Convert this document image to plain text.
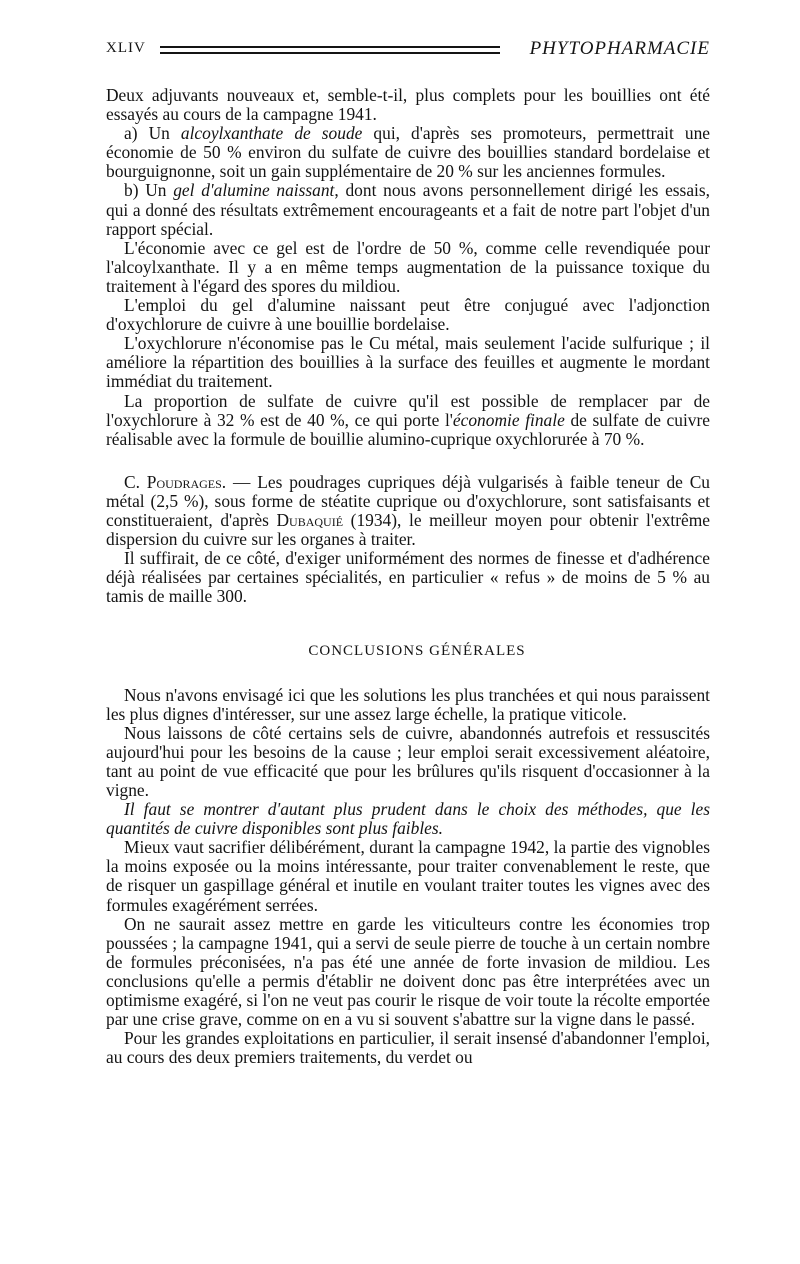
XLIV	PHYTOPHARMACIE

Deux adjuvants nouveaux et, semble-t-il, plus complets pour les bouillies ont été essayés au cours de la campagne 1941.

a) Un alcoylxanthate de soude qui, d'après ses promoteurs, permettrait une économie de 50 % environ du sulfate de cuivre des bouillies standard bordelaise et bourguignonne, soit un gain supplémentaire de 20 % sur les anciennes formules.

b) Un gel d'alumine naissant, dont nous avons personnellement dirigé les essais, qui a donné des résultats extrêmement encourageants et a fait de notre part l'objet d'un rapport spécial.

L'économie avec ce gel est de l'ordre de 50 %, comme celle revendiquée pour l'alcoylxanthate. Il y a en même temps augmentation de la puissance toxique du traitement à l'égard des spores du mildiou.

L'emploi du gel d'alumine naissant peut être conjugué avec l'adjonction d'oxychlorure de cuivre à une bouillie bordelaise.

L'oxychlorure n'économise pas le Cu métal, mais seulement l'acide sulfurique ; il améliore la répartition des bouillies à la surface des feuilles et augmente le mordant immédiat du traitement.

La proportion de sulfate de cuivre qu'il est possible de remplacer par de l'oxychlorure à 32 % est de 40 %, ce qui porte l'économie finale de sulfate de cuivre réalisable avec la formule de bouillie alumino-cuprique oxychlorurée à 70 %.

C. Poudrages. — Les poudrages cupriques déjà vulgarisés à faible teneur de Cu métal (2,5 %), sous forme de stéatite cuprique ou d'oxychlorure, sont satisfaisants et constitueraient, d'après Dubaquié (1934), le meilleur moyen pour obtenir l'extrême dispersion du cuivre sur les organes à traiter.

Il suffirait, de ce côté, d'exiger uniformément des normes de finesse et d'adhérence déjà réalisées par certaines spécialités, en particulier « refus » de moins de 5 % au tamis de maille 300.

CONCLUSIONS GÉNÉRALES

Nous n'avons envisagé ici que les solutions les plus tranchées et qui nous paraissent les plus dignes d'intéresser, sur une assez large échelle, la pratique viticole.

Nous laissons de côté certains sels de cuivre, abandonnés autrefois et ressuscités aujourd'hui pour les besoins de la cause ; leur emploi serait excessivement aléatoire, tant au point de vue efficacité que pour les brûlures qu'ils risquent d'occasionner à la vigne.

Il faut se montrer d'autant plus prudent dans le choix des méthodes, que les quantités de cuivre disponibles sont plus faibles.

Mieux vaut sacrifier délibérément, durant la campagne 1942, la partie des vignobles la moins exposée ou la moins intéressante, pour traiter convenablement le reste, que de risquer un gaspillage général et inutile en voulant traiter toutes les vignes avec des formules exagérément serrées.

On ne saurait assez mettre en garde les viticulteurs contre les économies trop poussées ; la campagne 1941, qui a servi de seule pierre de touche à un certain nombre de formules préconisées, n'a pas été une année de forte invasion de mildiou. Les conclusions qu'elle a permis d'établir ne doivent donc pas être interprétées avec un optimisme exagéré, si l'on ne veut pas courir le risque de voir toute la récolte emportée par une crise grave, comme on en a vu si souvent s'abattre sur la vigne dans le passé.

Pour les grandes exploitations en particulier, il serait insensé d'abandonner l'emploi, au cours des deux premiers traitements, du verdet ou
